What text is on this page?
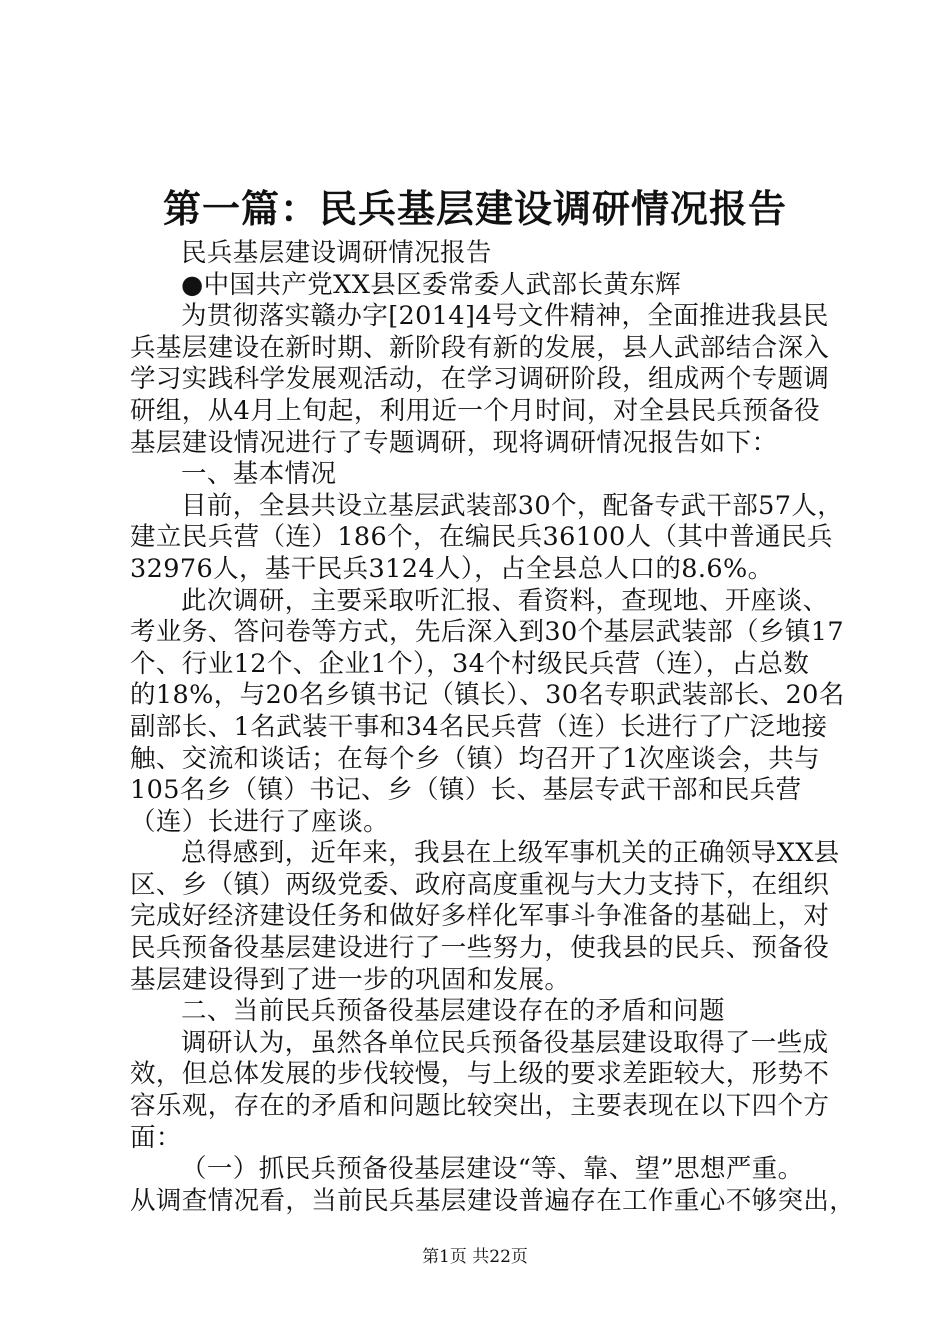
第一篇：民兵基层建设调研情况报告
民兵基层建设调研情况报告
●中国共产党XX县区委常委人武部长黄东辉
为贯彻落实赣办字[2014]4号文件精神，全面推进我县民
兵基层建设在新时期、新阶段有新的发展，县人武部结合深入
学习实践科学发展观活动，在学习调研阶段，组成两个专题调
研组，从4月上旬起，利用近一个月时间，对全县民兵预备役
基层建设情况进行了专题调研，现将调研情况报告如下：
一、基本情况
目前，全县共设立基层武装部30个，配备专武干部57人，
建立民兵营（连）186个，在编民兵36100人（其中普通民兵
32976人，基干民兵3124人），占全县总人口的8.6%。
此次调研，主要采取听汇报、看资料，查现地、开座谈、
考业务、答问卷等方式，先后深入到30个基层武装部（乡镇17
个、行业12个、企业1个），34个村级民兵营（连），占总数
的18%，与20名乡镇书记（镇长）、30名专职武装部长、20名
副部长、1名武装干事和34名民兵营（连）长进行了广泛地接
触、交流和谈话；在每个乡（镇）均召开了1次座谈会，共与
105名乡（镇）书记、乡（镇）长、基层专武干部和民兵营
（连）长进行了座谈。
总得感到，近年来，我县在上级军事机关的正确领导XX县
区、乡（镇）两级党委、政府高度重视与大力支持下，在组织
完成好经济建设任务和做好多样化军事斗争准备的基础上，对
民兵预备役基层建设进行了一些努力，使我县的民兵、预备役
基层建设得到了进一步的巩固和发展。
二、当前民兵预备役基层建设存在的矛盾和问题
调研认为，虽然各单位民兵预备役基层建设取得了一些成
效，但总体发展的步伐较慢，与上级的要求差距较大，形势不
容乐观，存在的矛盾和问题比较突出，主要表现在以下四个方
面：
（一）抓民兵预备役基层建设“等、靠、望”思想严重。
从调查情况看，当前民兵基层建设普遍存在工作重心不够突出，
第1页 共22页
